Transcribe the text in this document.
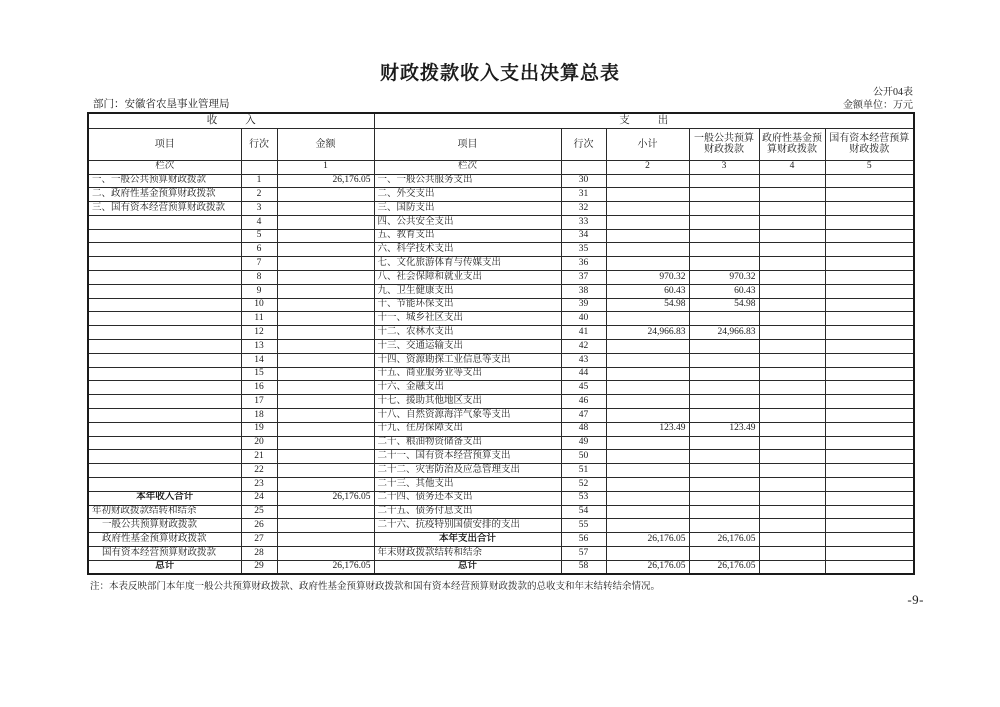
财政拨款收入支出决算总表
公开04表
金额单位：万元
部门：安徽省农垦事业管理局
收入			支出					
项目	行次	金额	项目	行次	小计	一般公共预算财政拨款	政府性基金预算财政拨款	国有资本经营预算财政拨款
栏次		1	栏次		2	3	4	5
一、一般公共预算财政拨款	1	26,176.05	一、一般公共服务支出	30				
二、政府性基金预算财政拨款	2		二、外交支出	31				
三、国有资本经营预算财政拨款	3		三、国防支出	32				
	4		四、公共安全支出	33				
	5		五、教育支出	34				
	6		六、科学技术支出	35				
	7		七、文化旅游体育与传媒支出	36				
	8		八、社会保障和就业支出	37	970.32	970.32		
	9		九、卫生健康支出	38	60.43	60.43		
	10		十、节能环保支出	39	54.98	54.98		
	11		十一、城乡社区支出	40				
	12		十二、农林水支出	41	24,966.83	24,966.83		
	13		十三、交通运输支出	42				
	14		十四、资源勘探工业信息等支出	43				
	15		十五、商业服务业等支出	44				
	16		十六、金融支出	45				
	17		十七、援助其他地区支出	46				
	18		十八、自然资源海洋气象等支出	47				
	19		十九、住房保障支出	48	123.49	123.49		
	20		二十、粮油物资储备支出	49				
	21		二十一、国有资本经营预算支出	50				
	22		二十二、灾害防治及应急管理支出	51				
	23		二十三、其他支出	52				
本年收入合计	24	26,176.05	二十四、债务还本支出	53				
年初财政拨款结转和结余	25		二十五、债务付息支出	54				
一般公共预算财政拨款	26		二十六、抗疫特别国债安排的支出	55				
政府性基金预算财政拨款	27		本年支出合计	56	26,176.05	26,176.05		
国有资本经营预算财政拨款	28		年末财政拨款结转和结余	57				
总计	29	26,176.05	总计	58	26,176.05	26,176.05		
注：本表反映部门本年度一般公共预算财政拨款、政府性基金预算财政拨款和国有资本经营预算财政拨款的总收支和年末结转结余情况。
-9-
